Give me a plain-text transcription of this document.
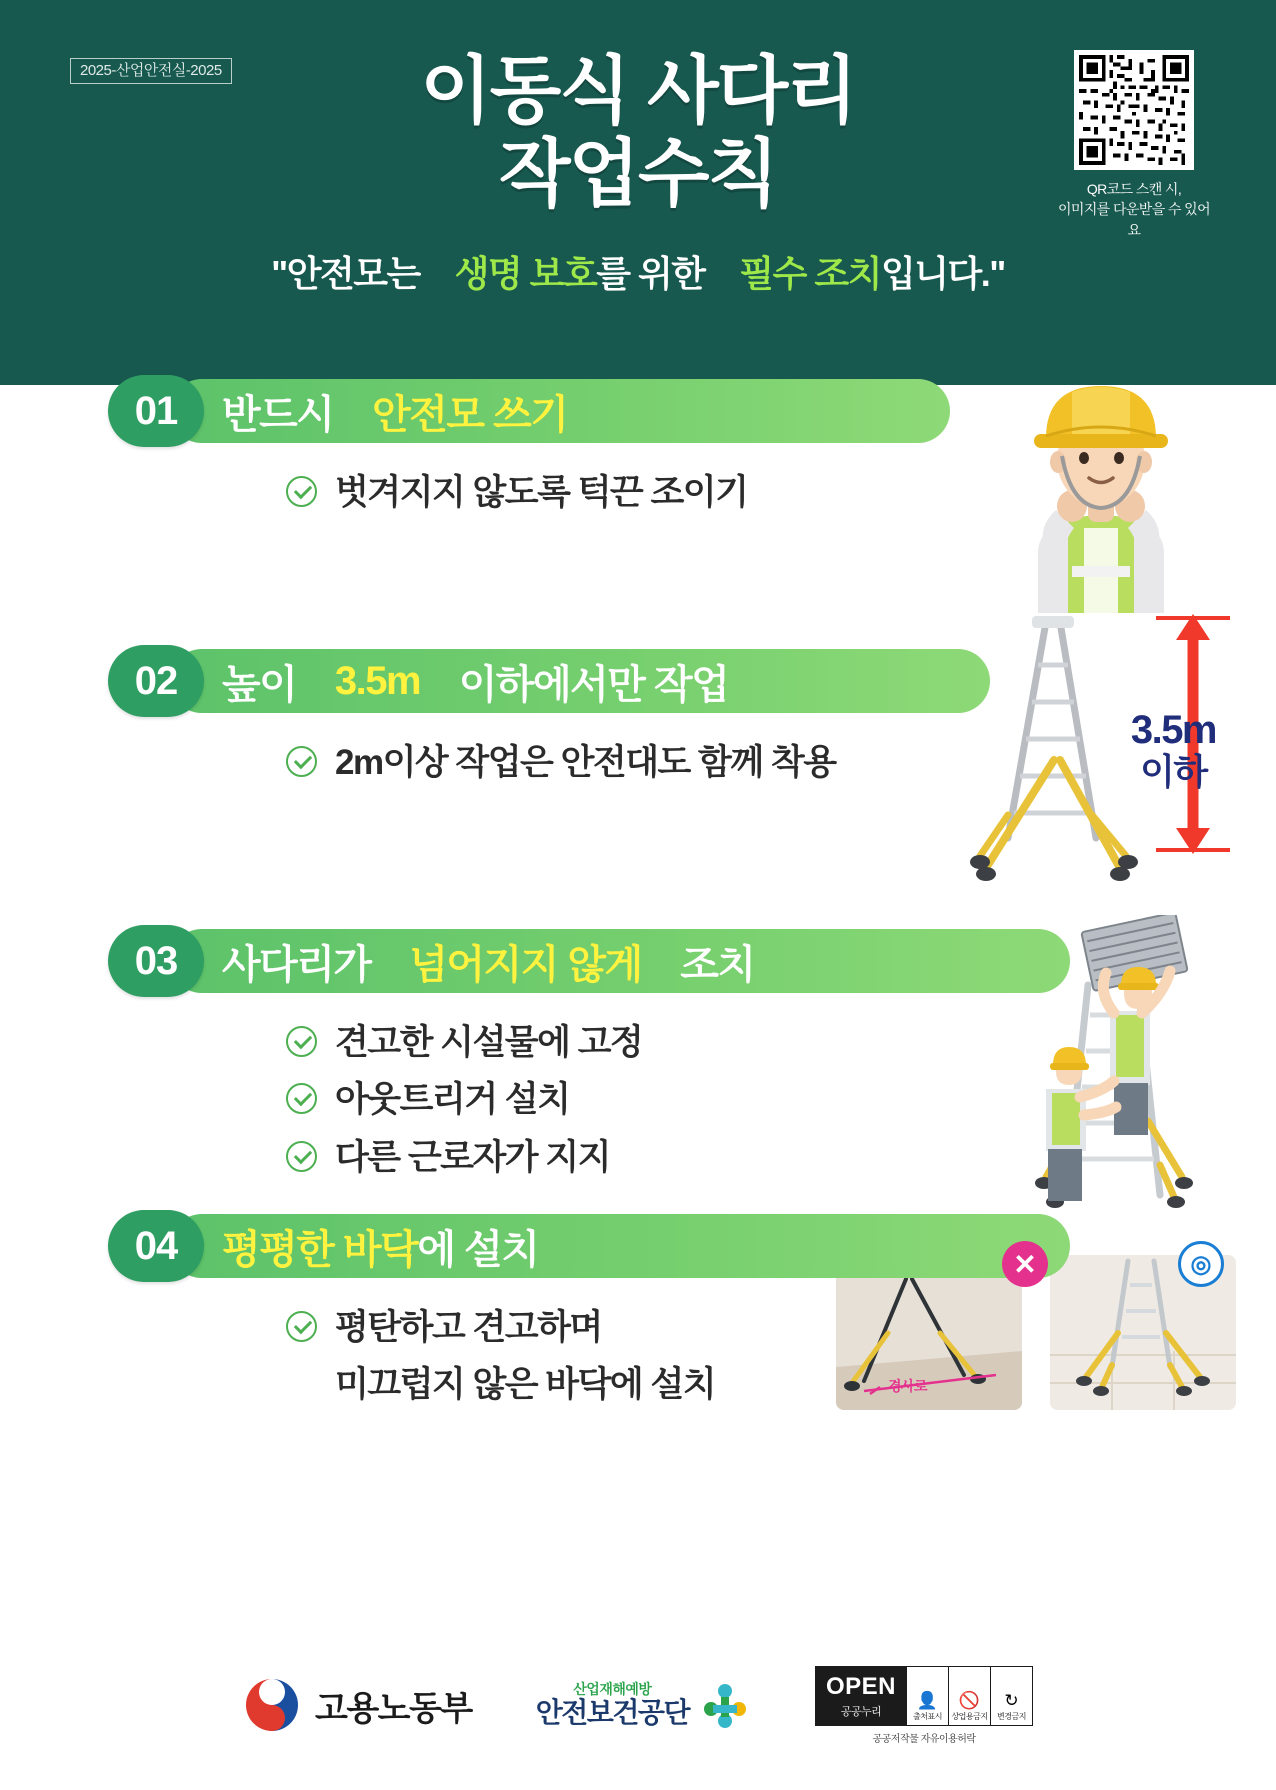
2025-산업안전실-2025	이동식 사다리
작업수칙
"안전모는ᅠ생명 보호를 위한ᅠ필수 조치입니다."
QR코드 스캔 시,
이미지를 다운받을 수 있어요
01	반드시ᅠ 안전모 쓰기
벗겨지지 않도록 턱끈 조이기
02	높이ᅠ 3.5m ᅠ이하에서만 작업
2m이상 작업은 안전대도 함께 착용
3.5m
이하
03	사다리가ᅠ 넘어지지 않게 ᅠ조치
견고한 시설물에 고정
아웃트리거 설치
다른 근로자가 지지
04	평평한 바닥 에 설치
평탄하고 견고하며
미끄럽지 않은 바닥에 설치	경사로
✕	◎
고용노동부
산업재해예방
안전보건공단
OPEN
공공누리
👤
출처표시
🚫
상업용금지
↻
변경금지
공공저작물 자유이용허락
